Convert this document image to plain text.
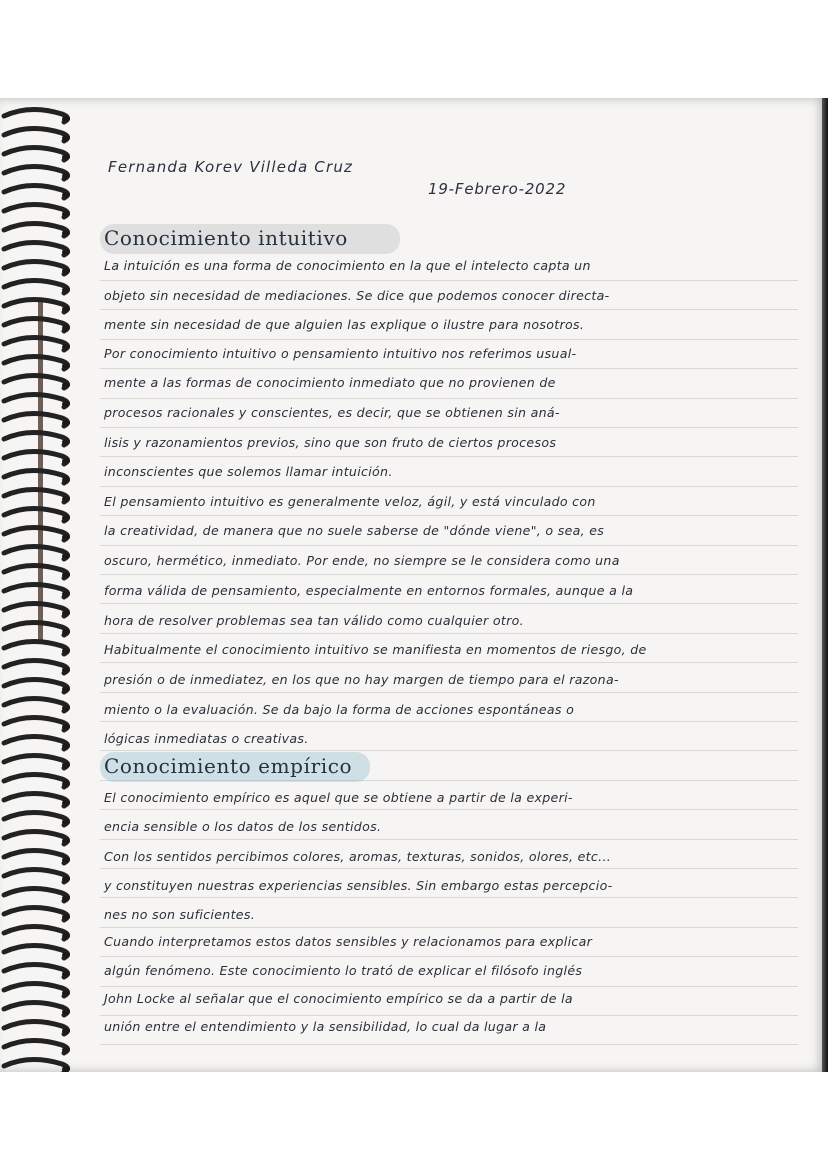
Fernanda Korev Villeda Cruz
19-Febrero-2022
Conocimiento intuitivo
La intuición es una forma de conocimiento en la que el intelecto capta un
objeto sin necesidad de mediaciones. Se dice que podemos conocer directa-
mente sin necesidad de que alguien las explique o ilustre para nosotros.
Por conocimiento intuitivo o pensamiento intuitivo nos referimos usual-
mente a las formas de conocimiento inmediato que no provienen de
procesos racionales y conscientes, es decir, que se obtienen sin aná-
lisis y razonamientos previos, sino que son fruto de ciertos procesos
inconscientes que solemos llamar intuición.
El pensamiento intuitivo es generalmente veloz, ágil, y está vinculado con
la creatividad, de manera que no suele saberse de "dónde viene", o sea, es
oscuro, hermético, inmediato. Por ende, no siempre se le considera como una
forma válida de pensamiento, especialmente en entornos formales, aunque a la
hora de resolver problemas sea tan válido como cualquier otro.
Habitualmente el conocimiento intuitivo se manifiesta en momentos de riesgo, de
presión o de inmediatez, en los que no hay margen de tiempo para el razona-
miento o la evaluación. Se da bajo la forma de acciones espontáneas o
lógicas inmediatas o creativas.
Conocimiento empírico
El conocimiento empírico es aquel que se obtiene a partir de la experi-
encia sensible o los datos de los sentidos.
Con los sentidos percibimos colores, aromas, texturas, sonidos, olores, etc...
y constituyen nuestras experiencias sensibles. Sin embargo estas percepcio-
nes no son suficientes.
Cuando interpretamos estos datos sensibles y relacionamos para explicar
algún fenómeno. Este conocimiento lo trató de explicar el filósofo inglés
John Locke al señalar que el conocimiento empírico se da a partir de la
unión entre el entendimiento y la sensibilidad, lo cual da lugar a la
